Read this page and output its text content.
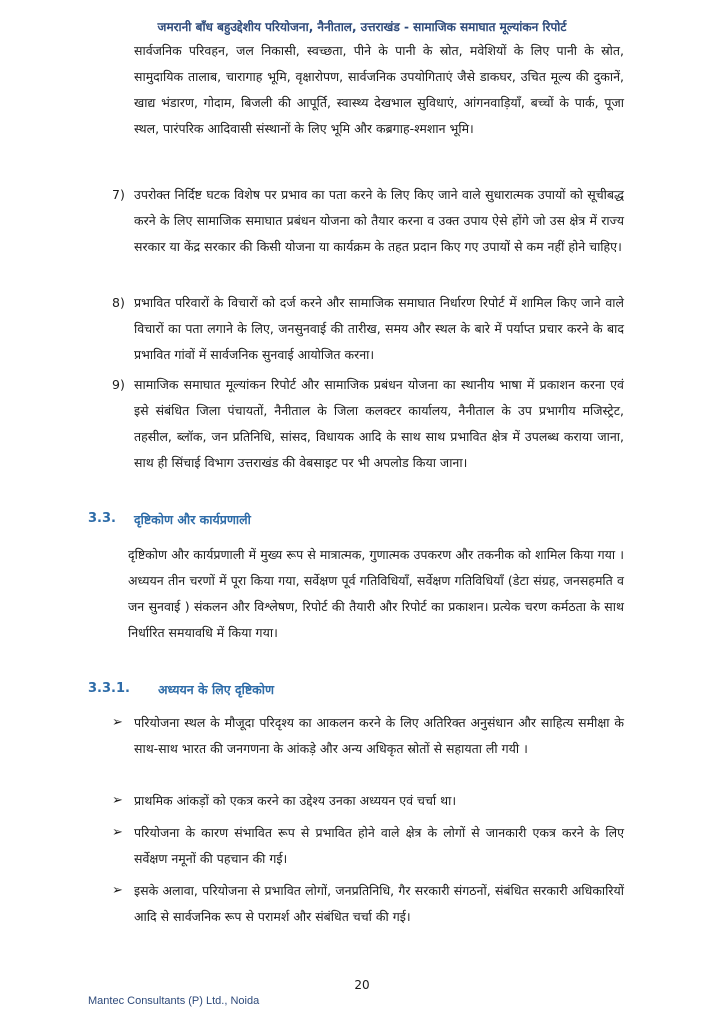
जमरानी बाँध बहुउद्देशीय परियोजना, नैनीताल, उत्तराखंड - सामाजिक समाघात मूल्यांकन रिपोर्ट

सार्वजनिक परिवहन, जल निकासी, स्वच्छता, पीने के पानी के स्रोत, मवेशियों के लिए पानी के स्रोत, सामुदायिक तालाब, चारागाह भूमि, वृक्षारोपण, सार्वजनिक उपयोगिताएं जैसे डाकघर, उचित मूल्य की दुकानें, खाद्य भंडारण, गोदाम, बिजली की आपूर्ति, स्वास्थ्य देखभाल सुविधाएं, आंगनवाड़ियाँ, बच्चों के पार्क, पूजा स्थल, पारंपरिक आदिवासी संस्थानों के लिए भूमि और कब्रगाह-श्मशान भूमि।

7) उपरोक्त निर्दिष्ट घटक विशेष पर प्रभाव का पता करने के लिए किए जाने वाले सुधारात्मक उपायों को सूचीबद्ध करने के लिए सामाजिक समाघात प्रबंधन योजना को तैयार करना व उक्त उपाय ऐसे होंगे जो उस क्षेत्र में राज्य सरकार या केंद्र सरकार की किसी योजना या कार्यक्रम के तहत प्रदान किए गए उपायों से कम नहीं होने चाहिए।

8) प्रभावित परिवारों के विचारों को दर्ज करने और सामाजिक समाघात निर्धारण रिपोर्ट में शामिल किए जाने वाले विचारों का पता लगाने के लिए, जनसुनवाई की तारीख, समय और स्थल के बारे में पर्याप्त प्रचार करने के बाद प्रभावित गांवों में सार्वजनिक सुनवाई आयोजित करना।

9) सामाजिक समाघात मूल्यांकन रिपोर्ट और सामाजिक प्रबंधन योजना का स्थानीय भाषा में प्रकाशन करना एवं इसे संबंधित जिला पंचायतों, नैनीताल के जिला कलक्टर कार्यालय, नैनीताल के उप प्रभागीय मजिस्ट्रेट, तहसील, ब्लॉक, जन प्रतिनिधि, सांसद, विधायक आदि के साथ साथ प्रभावित क्षेत्र में उपलब्ध कराया जाना, साथ ही सिंचाई विभाग उत्तराखंड की वेबसाइट पर भी अपलोड किया जाना।

3.3. दृष्टिकोण और कार्यप्रणाली

दृष्टिकोण और कार्यप्रणाली में मुख्य रूप से मात्रात्मक, गुणात्मक उपकरण और तकनीक को शामिल किया गया । अध्ययन तीन चरणों में पूरा किया गया, सर्वेक्षण पूर्व गतिविधियाँ, सर्वेक्षण गतिविधियाँ (डेटा संग्रह, जनसहमति व जन सुनवाई ) संकलन और विश्लेषण, रिपोर्ट की तैयारी और रिपोर्ट का प्रकाशन। प्रत्येक चरण कर्मठता के साथ निर्धारित समयावधि में किया गया।

3.3.1. अध्ययन के लिए दृष्टिकोण
➢ परियोजना स्थल के मौजूदा परिदृश्य का आकलन करने के लिए अतिरिक्त अनुसंधान और साहित्य समीक्षा के साथ-साथ भारत की जनगणना के आंकड़े और अन्य अधिकृत स्रोतों से सहायता ली गयी ।

➢ प्राथमिक आंकड़ों को एकत्र करने का उद्देश्य उनका अध्ययन एवं चर्चा था।

➢ परियोजना के कारण संभावित रूप से प्रभावित होने वाले क्षेत्र के लोगों से जानकारी एकत्र करने के लिए सर्वेक्षण नमूनों की पहचान की गई।

➢ इसके अलावा, परियोजना से प्रभावित लोगों, जनप्रतिनिधि, गैर सरकारी संगठनों, संबंधित सरकारी अधिकारियों आदि से सार्वजनिक रूप से परामर्श और संबंधित चर्चा की गई।

20
Mantec Consultants (P) Ltd., Noida
